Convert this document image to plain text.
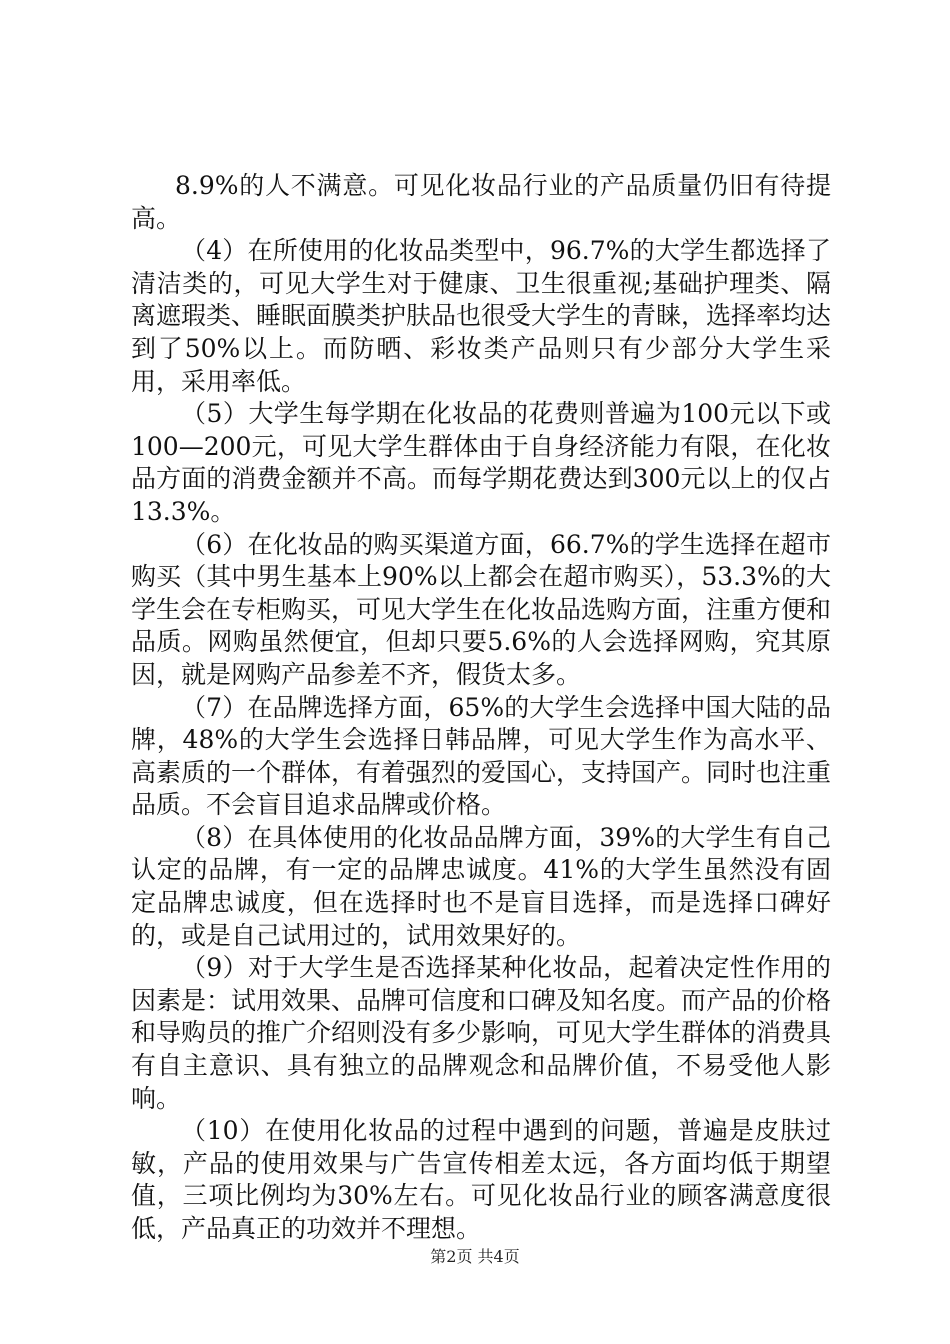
8.9%的人不满意。可见化妆品行业的产品质量仍旧有待提高。

（4）在所使用的化妆品类型中，96.7%的大学生都选择了清洁类的，可见大学生对于健康、卫生很重视;基础护理类、隔离遮瑕类、睡眠面膜类护肤品也很受大学生的青睐，选择率均达到了50%以上。而防晒、彩妆类产品则只有少部分大学生采用，采用率低。

（5）大学生每学期在化妆品的花费则普遍为100元以下或100—200元，可见大学生群体由于自身经济能力有限，在化妆品方面的消费金额并不高。而每学期花费达到300元以上的仅占13.3%。

（6）在化妆品的购买渠道方面，66.7%的学生选择在超市购买（其中男生基本上90%以上都会在超市购买），53.3%的大学生会在专柜购买，可见大学生在化妆品选购方面，注重方便和品质。网购虽然便宜，但却只要5.6%的人会选择网购，究其原因，就是网购产品参差不齐，假货太多。

（7）在品牌选择方面，65%的大学生会选择中国大陆的品牌，48%的大学生会选择日韩品牌，可见大学生作为高水平、高素质的一个群体，有着强烈的爱国心，支持国产。同时也注重品质。不会盲目追求品牌或价格。

（8）在具体使用的化妆品品牌方面，39%的大学生有自己认定的品牌，有一定的品牌忠诚度。41%的大学生虽然没有固定品牌忠诚度，但在选择时也不是盲目选择，而是选择口碑好的，或是自己试用过的，试用效果好的。

（9）对于大学生是否选择某种化妆品，起着决定性作用的因素是：试用效果、品牌可信度和口碑及知名度。而产品的价格和导购员的推广介绍则没有多少影响，可见大学生群体的消费具有自主意识、具有独立的品牌观念和品牌价值，不易受他人影响。

（10）在使用化妆品的过程中遇到的问题，普遍是皮肤过敏，产品的使用效果与广告宣传相差太远，各方面均低于期望值，三项比例均为30%左右。可见化妆品行业的顾客满意度很低，产品真正的功效并不理想。

第2页 共4页
